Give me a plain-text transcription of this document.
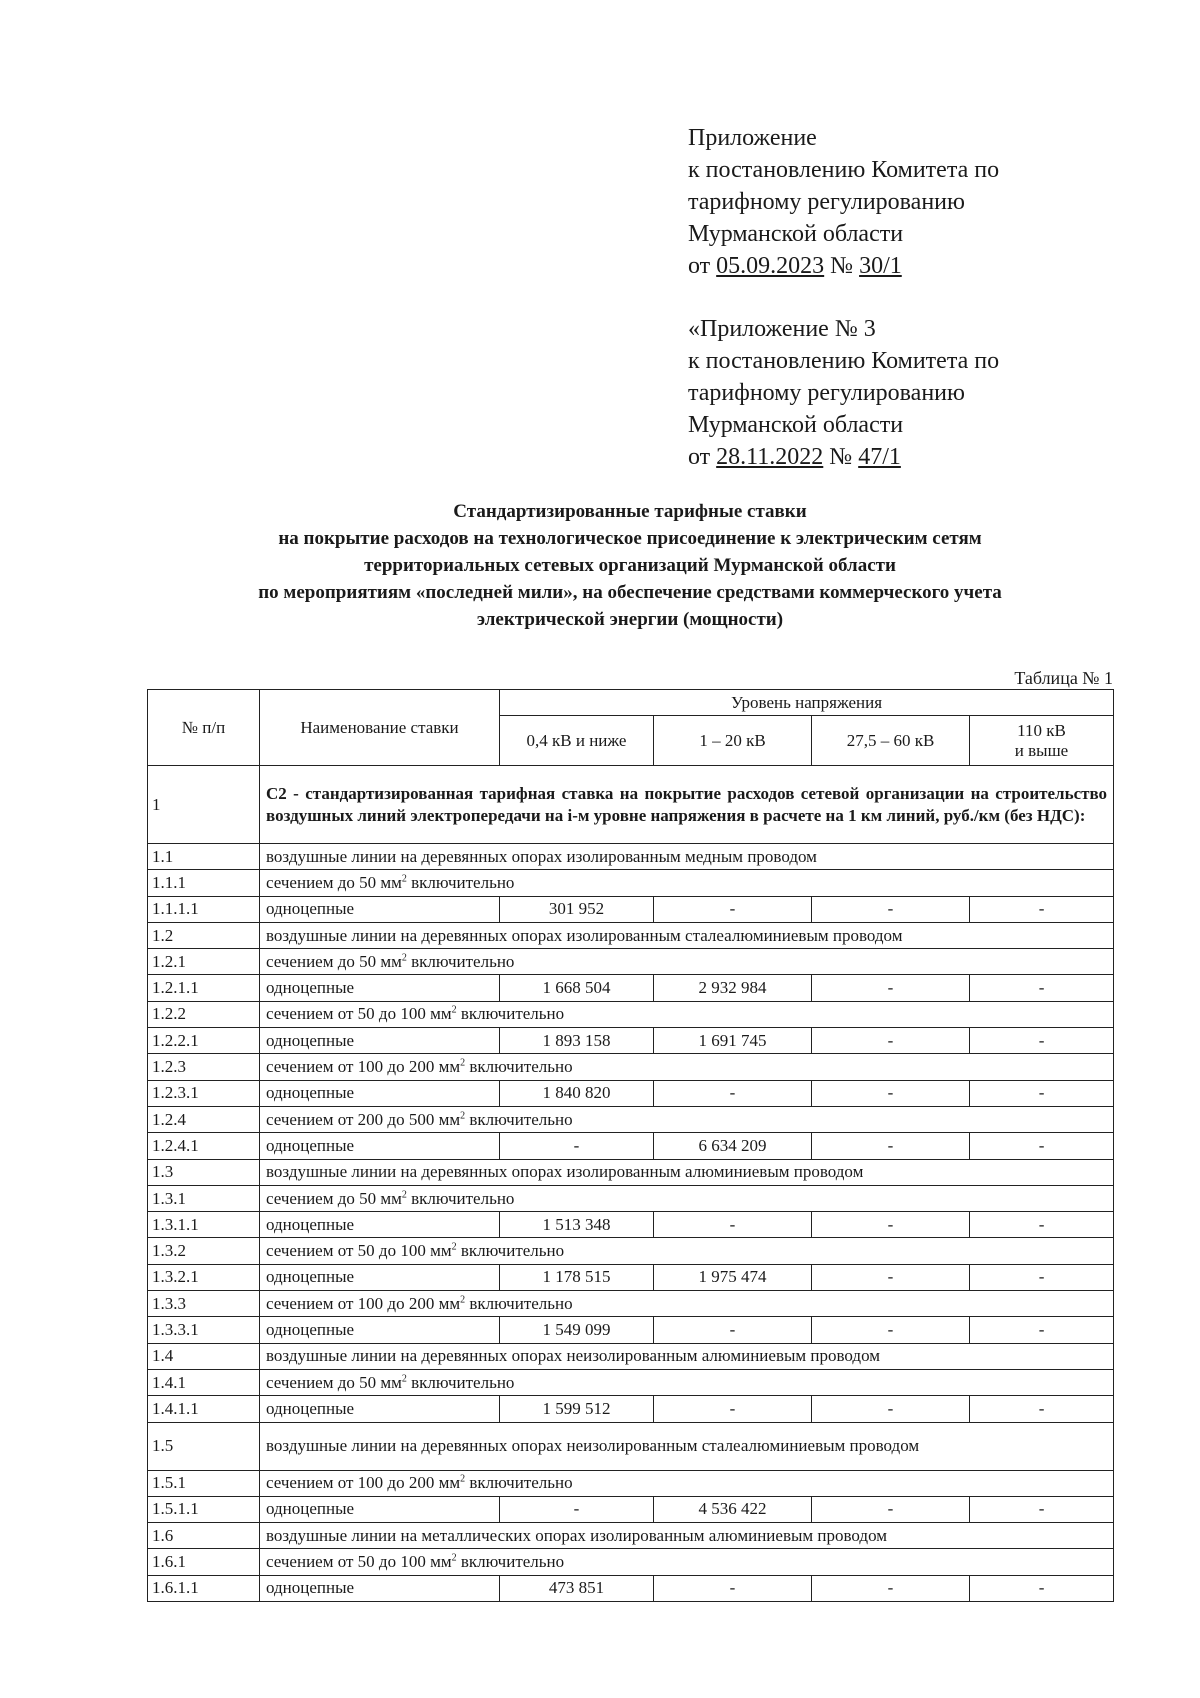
Приложение
к постановлению Комитета по
тарифному регулированию
Мурманской области
от 05.09.2023 № 30/1
«Приложение № 3
к постановлению Комитета по
тарифному регулированию
Мурманской области
от 28.11.2022 № 47/1
Стандартизированные тарифные ставки
на покрытие расходов на технологическое присоединение к электрическим сетям
территориальных сетевых организаций Мурманской области
по мероприятиям «последней мили», на обеспечение средствами коммерческого учета
электрической энергии (мощности)
Таблица № 1
№ п/п	Наименование ставки	Уровень напряжения			
		0,4 кВ и ниже	1 – 20 кВ	27,5 – 60 кВ	110 кВ
и выше

1	С2 - стандартизированная тарифная ставка на покрытие расходов сетевой организации на строительство воздушных линий электропередачи на i-м уровне напряжения в расчете на 1 км линий, руб./км (без НДС):				
1.1	воздушные линии на деревянных опорах изолированным медным проводом				
1.1.1	сечением до 50 $мм^2$ включительно				
1.1.1.1	одноцепные	301 952	-	-	-
1.2	воздушные линии на деревянных опорах изолированным сталеалюминиевым проводом				
1.2.1	сечением до 50 $мм^2$ включительно				
1.2.1.1	одноцепные	1 668 504	2 932 984	-	-
1.2.2	сечением от 50 до 100 $мм^2$ включительно				
1.2.2.1	одноцепные	1 893 158	1 691 745	-	-
1.2.3	сечением от 100 до 200 $мм^2$ включительно				
1.2.3.1	одноцепные	1 840 820	-	-	-
1.2.4	сечением от 200 до 500 $мм^2$ включительно				
1.2.4.1	одноцепные	-	6 634 209	-	-
1.3	воздушные линии на деревянных опорах изолированным алюминиевым проводом				
1.3.1	сечением до 50 $мм^2$ включительно				
1.3.1.1	одноцепные	1 513 348	-	-	-
1.3.2	сечением от 50 до 100 $мм^2$ включительно				
1.3.2.1	одноцепные	1 178 515	1 975 474	-	-
1.3.3	сечением от 100 до 200 $мм^2$ включительно				
1.3.3.1	одноцепные	1 549 099	-	-	-
1.4	воздушные линии на деревянных опорах неизолированным алюминиевым проводом				
1.4.1	сечением до 50 $мм^2$ включительно				
1.4.1.1	одноцепные	1 599 512	-	-	-
1.5	воздушные линии на деревянных опорах неизолированным сталеалюминиевым проводом				
1.5.1	сечением от 100 до 200 $мм^2$ включительно				
1.5.1.1	одноцепные	-	4 536 422	-	-
1.6	воздушные линии на металлических опорах изолированным алюминиевым проводом				
1.6.1	сечением от 50 до 100 $мм^2$ включительно				
1.6.1.1	одноцепные	473 851	-	-	-
